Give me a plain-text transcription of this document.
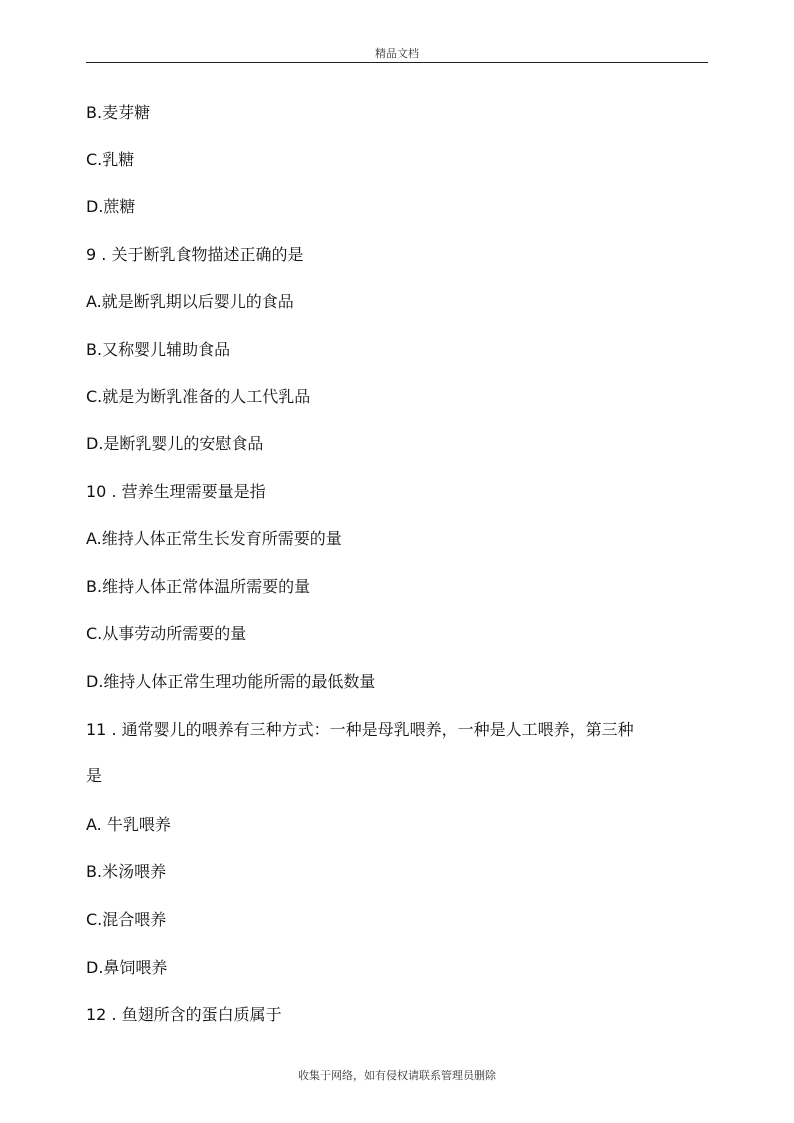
精品文档
B.麦芽糖
C.乳糖
D.蔗糖
9 . 关于断乳食物描述正确的是
A.就是断乳期以后婴儿的食品
B.又称婴儿辅助食品
C.就是为断乳准备的人工代乳品
D.是断乳婴儿的安慰食品
10 . 营养生理需要量是指
A.维持人体正常生长发育所需要的量
B.维持人体正常体温所需要的量
C.从事劳动所需要的量
D.维持人体正常生理功能所需的最低数量
11 . 通常婴儿的喂养有三种方式：一种是母乳喂养，一种是人工喂养，第三种
是
A. 牛乳喂养
B.米汤喂养
C.混合喂养
D.鼻饲喂养
12 . 鱼翅所含的蛋白质属于
收集于网络，如有侵权请联系管理员删除
